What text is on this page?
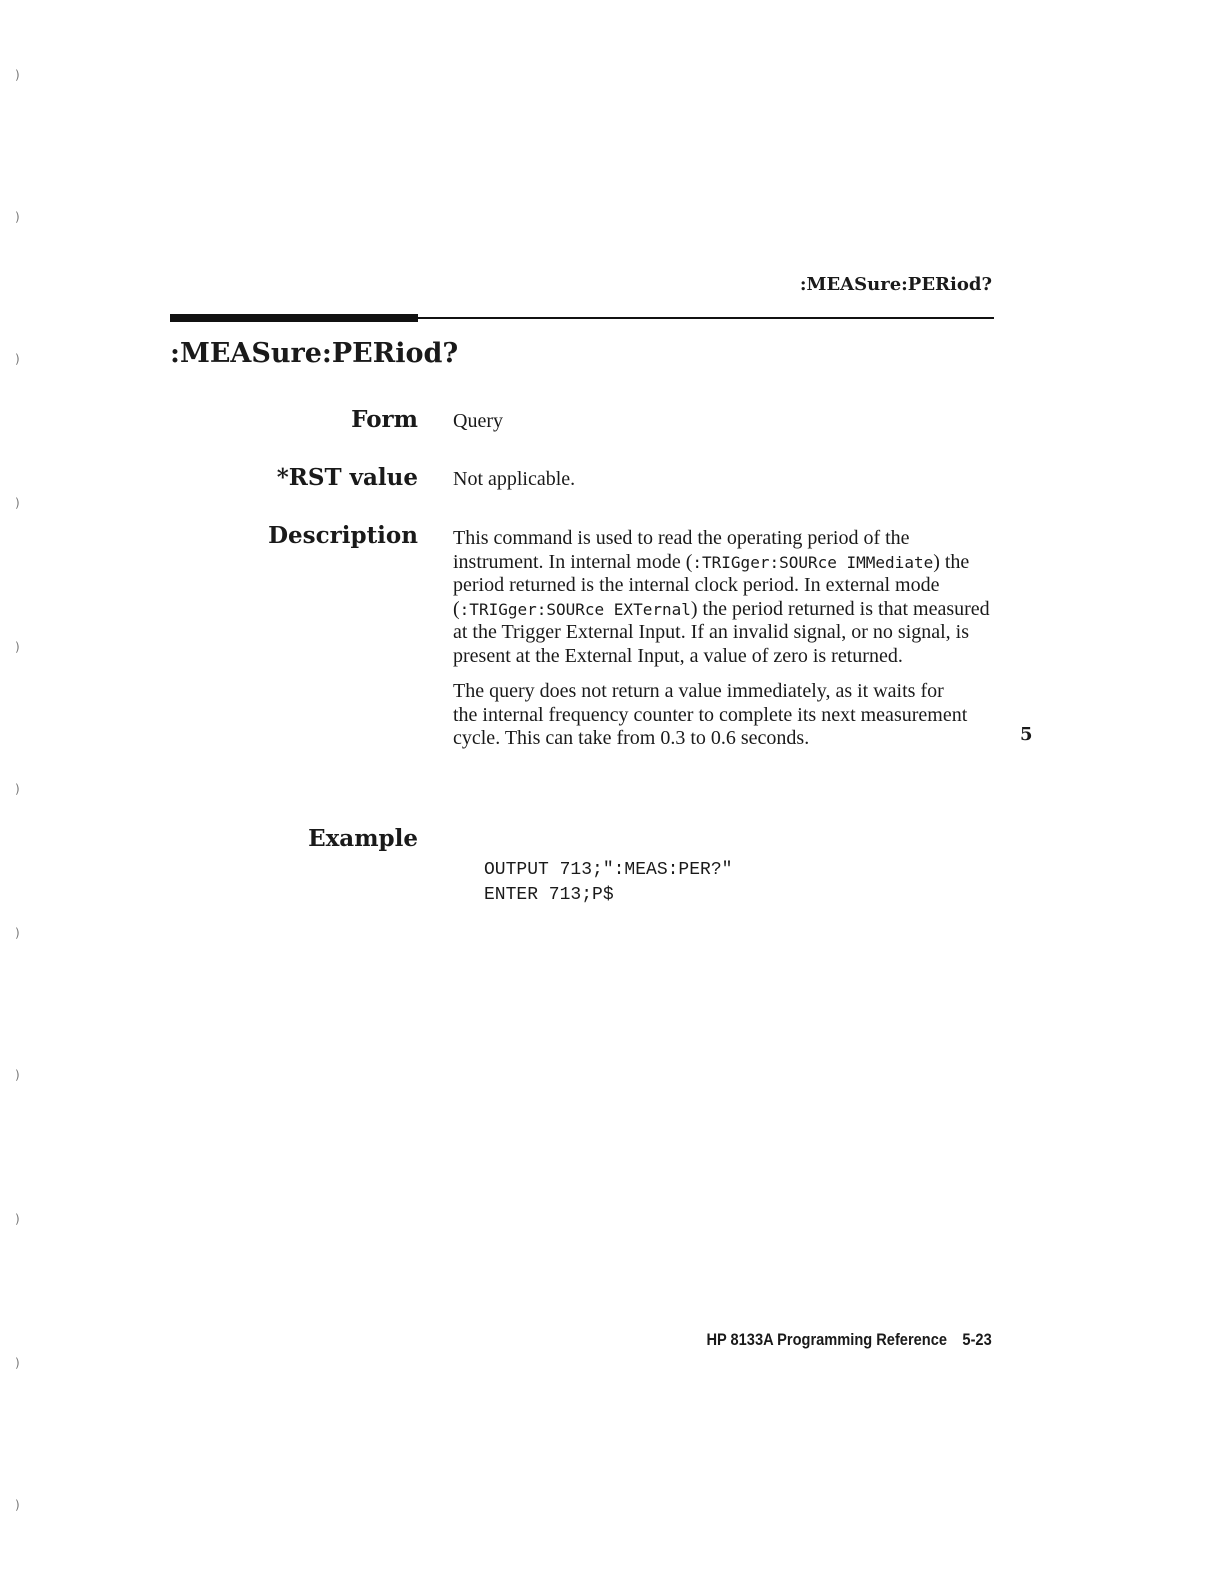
)
)
)
)
)
)
)
)
)
)
)
:MEASure:PERiod?
:MEASure:PERiod?
Form Query
*RST value Not applicable.
Description This command is used to read the operating period of the instrument. In internal mode (:TRIGger:SOURce IMMediate) the period returned is the internal clock period. In external mode (:TRIGger:SOURce EXTernal) the period returned is that measured at the Trigger External Input. If an invalid signal, or no signal, is present at the External Input, a value of zero is returned.

The query does not return a value immediately, as it waits for the internal frequency counter to complete its next measurement cycle. This can take from 0.3 to 0.6 seconds.

Example
OUTPUT 713;":MEAS:PER?"
ENTER 713;P$
5
HP 8133A Programming Reference 5-23
